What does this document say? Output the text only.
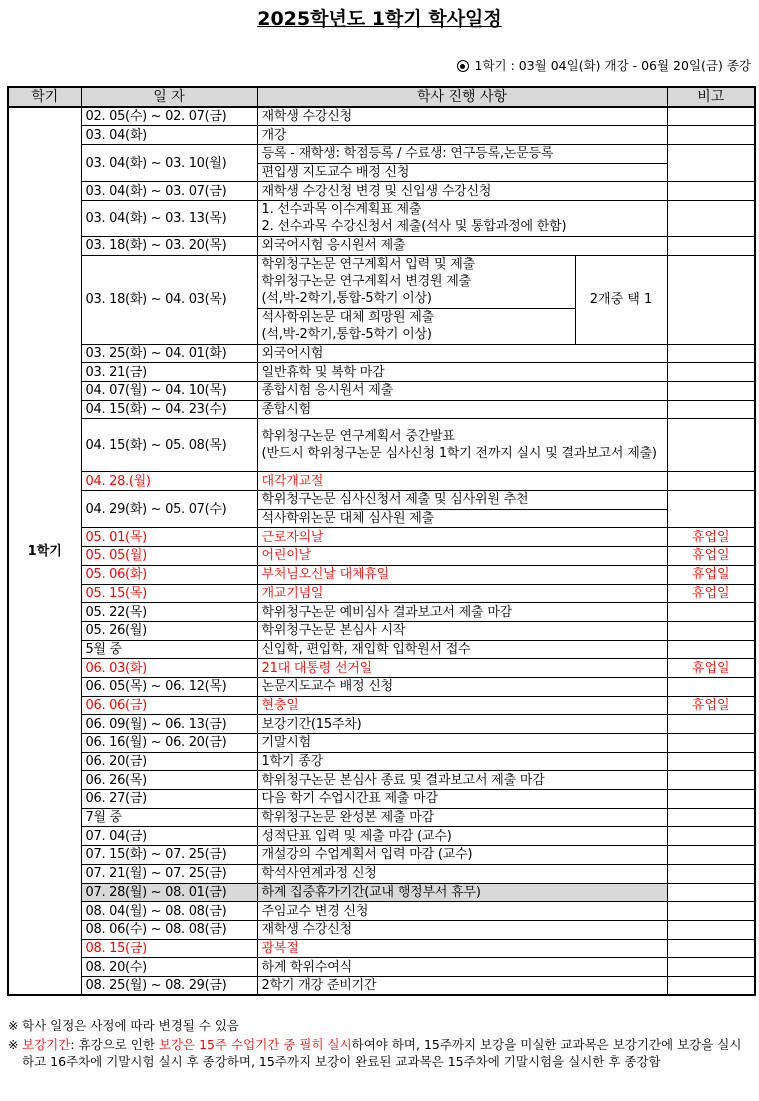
2025학년도 1학기 학사일정
1학기 : 03월 04일(화) 개강 - 06월 20일(금) 종강
학기	일 자	학사 진행 사항		비고
1학기	02. 05(수) ~ 02. 07(금)	재학생 수강신청		
	03. 04(화)	개강		
	03. 04(화) ~ 03. 10(월)	등록 - 재학생: 학점등록 / 수료생: 연구등록,논문등록		
		편입생 지도교수 배정 신청		
	03. 04(화) ~ 03. 07(금)	재학생 수강신청 변경 및 신입생 수강신청		
	03. 04(화) ~ 03. 13(목)	1. 선수과목 이수계획표 제출
2. 선수과목 수강신청서 제출(석사 및 통합과정에 한함)		
	03. 18(화) ~ 03. 20(목)	외국어시험 응시원서 제출		
	03. 18(화) ~ 04. 03(목)	학위청구논문 연구계획서 입력 및 제출
학위청구논문 연구계획서 변경원 제출
(석,박-2학기,통합-5학기 이상)	2개중 택 1	
		석사학위논문 대체 희망원 제출
(석,박-2학기,통합-5학기 이상)		
	03. 25(화) ~ 04. 01(화)	외국어시험		
	03. 21(금)	일반휴학 및 복학 마감		
	04. 07(월) ~ 04. 10(목)	종합시험 응시원서 제출		
	04. 15(화) ~ 04. 23(수)	종합시험		
	04. 15(화) ~ 05. 08(목)	학위청구논문 연구계획서 중간발표
(반드시 학위청구논문 심사신청 1학기 전까지 실시 및 결과보고서 제출)		
	04. 28.(월)	대각개교절		
	04. 29(화) ~ 05. 07(수)	학위청구논문 심사신청서 제출 및 심사위원 추천		
		석사학위논문 대체 심사원 제출		
	05. 01(목)	근로자의날		휴업일
	05. 05(월)	어린이날		휴업일
	05. 06(화)	부처님오신날 대체휴일		휴업일
	05. 15(목)	개교기념일		휴업일
	05. 22(목)	학위청구논문 예비심사 결과보고서 제출 마감		
	05. 26(월)	학위청구논문 본심사 시작		
	5월 중	신입학, 편입학, 재입학 입학원서 접수		
	06. 03(화)	21대 대통령 선거일		휴업일
	06. 05(목) ~ 06. 12(목)	논문지도교수 배정 신청		
	06. 06(금)	현충일		휴업일
	06. 09(월) ~ 06. 13(금)	보강기간(15주차)		
	06. 16(월) ~ 06. 20(금)	기말시험		
	06. 20(금)	1학기 종강		
	06. 26(목)	학위청구논문 본심사 종료 및 결과보고서 제출 마감		
	06. 27(금)	다음 학기 수업시간표 제출 마감		
	7월 중	학위청구논문 완성본 제출 마감		
	07. 04(금)	성적단표 입력 및 제출 마감 (교수)		
	07. 15(화) ~ 07. 25(금)	개설강의 수업계획서 입력 마감 (교수)		
	07. 21(월) ~ 07. 25(금)	학석사연계과정 신청		
	07. 28(월) ~ 08. 01(금)	하계 집중휴가기간(교내 행정부서 휴무)		
	08. 04(월) ~ 08. 08(금)	주임교수 변경 신청		
	08. 06(수) ~ 08. 08(금)	재학생 수강신청		
	08. 15(금)	광복절		
	08. 20(수)	하계 학위수여식		
	08. 25(월) ~ 08. 29(금)	2학기 개강 준비기간		

※ 학사 일정은 사정에 따라 변경될 수 있음

※ 보강기간: 휴강으로 인한 보강은 15주 수업기간 중 필히 실시하여야 하며, 15주까지 보강을 미실한 교과목은 보강기간에 보강을 실시하고 16주차에 기말시험 실시 후 종강하며, 15주까지 보강이 완료된 교과목은 15주차에 기말시험을 실시한 후 종강함
